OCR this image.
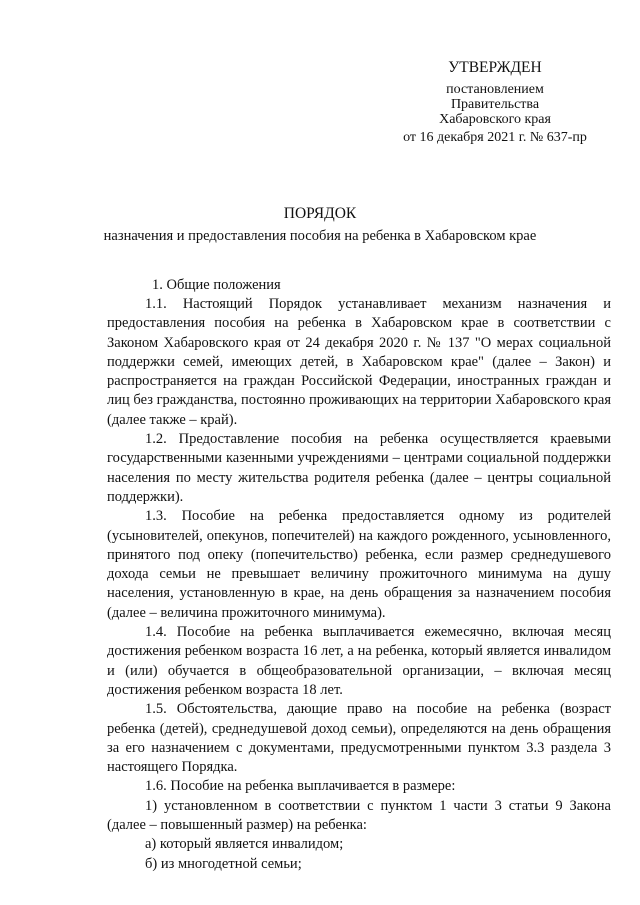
УТВЕРЖДЕН
постановлением
Правительства
Хабаровского края
от 16 декабря 2021 г. № 637-пр
ПОРЯДОК
назначения и предоставления пособия на ребенка в Хабаровском крае
1. Общие положения

1.1. Настоящий Порядок устанавливает механизм назначения и предоставления пособия на ребенка в Хабаровском крае в соответствии с Законом Хабаровского края от 24 декабря 2020 г. № 137 "О мерах социальной поддержки семей, имеющих детей, в Хабаровском крае" (далее – Закон) и распространяется на граждан Российской Федерации, иностранных граждан и лиц без гражданства, постоянно проживающих на территории Хабаровского края (далее также – край).

1.2. Предоставление пособия на ребенка осуществляется краевыми государственными казенными учреждениями – центрами социальной поддержки населения по месту жительства родителя ребенка (далее – центры социальной поддержки).

1.3. Пособие на ребенка предоставляется одному из родителей (усыновителей, опекунов, попечителей) на каждого рожденного, усыновленного, принятого под опеку (попечительство) ребенка, если размер среднедушевого дохода семьи не превышает величину прожиточного минимума на душу населения, установленную в крае, на день обращения за назначением пособия (далее – величина прожиточного минимума).

1.4. Пособие на ребенка выплачивается ежемесячно, включая месяц достижения ребенком возраста 16 лет, а на ребенка, который является инвалидом и (или) обучается в общеобразовательной организации, – включая месяц достижения ребенком возраста 18 лет.

1.5. Обстоятельства, дающие право на пособие на ребенка (возраст ребенка (детей), среднедушевой доход семьи), определяются на день обращения за его назначением с документами, предусмотренными пунктом 3.3 раздела 3 настоящего Порядка.

1.6. Пособие на ребенка выплачивается в размере:

1) установленном в соответствии с пунктом 1 части 3 статьи 9 Закона (далее – повышенный размер) на ребенка:

а) который является инвалидом;

б) из многодетной семьи;
